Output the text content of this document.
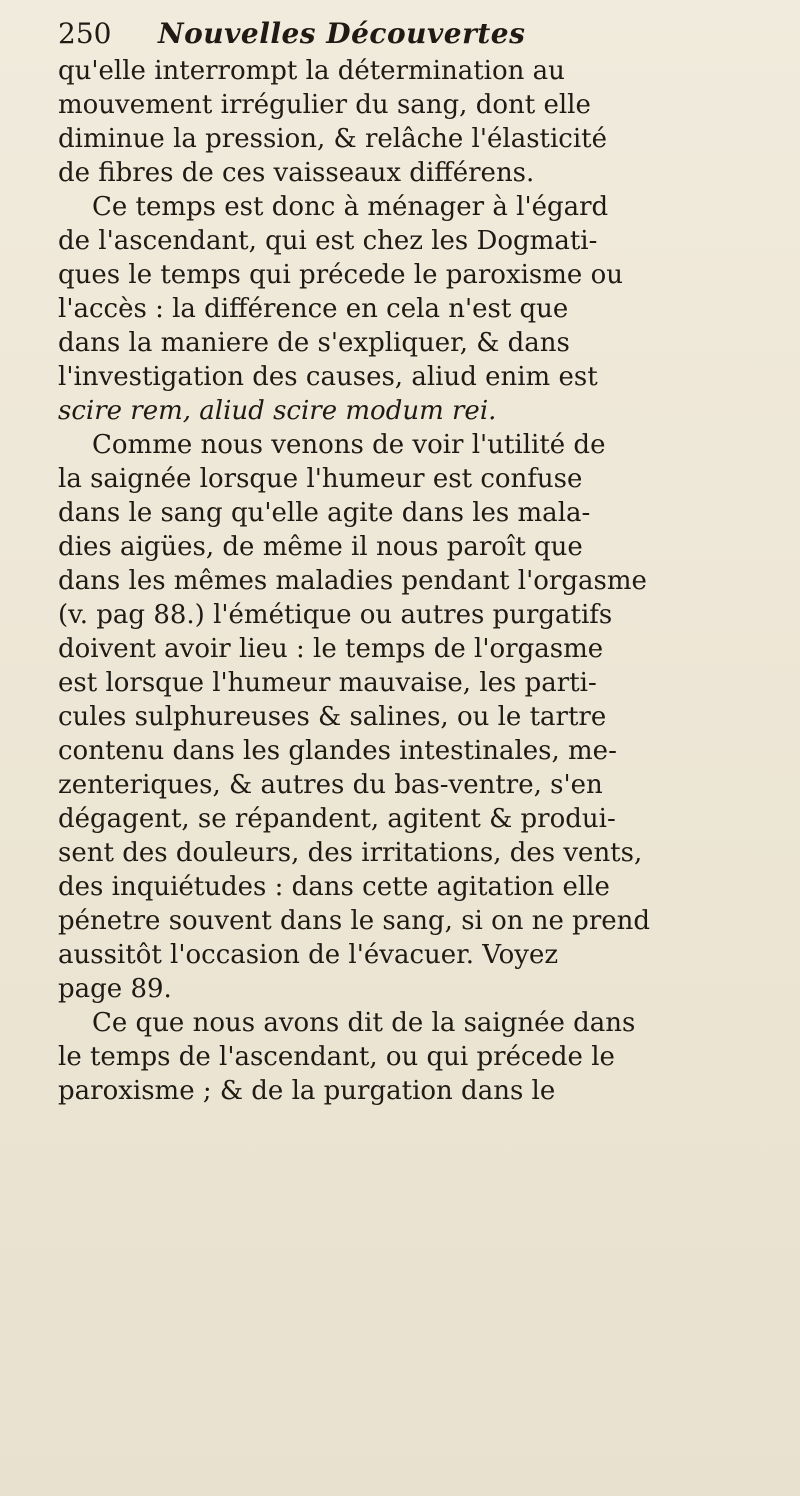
250 Nouvelles Découvertes
qu'elle interrompt la détermination au
mouvement irrégulier du sang, dont elle
diminue la pression, & relâche l'élasticité
de fibres de ces vaisseaux différens.
Ce temps est donc à ménager à l'égard
de l'ascendant, qui est chez les Dogmati-
ques le temps qui précede le paroxisme ou
l'accès : la différence en cela n'est que
dans la maniere de s'expliquer, & dans
l'investigation des causes, aliud enim est
scire rem, aliud scire modum rei.
Comme nous venons de voir l'utilité de
la saignée lorsque l'humeur est confuse
dans le sang qu'elle agite dans les mala-
dies aigües, de même il nous paroît que
dans les mêmes maladies pendant l'orgasme
(v. pag 88.) l'émétique ou autres purgatifs
doivent avoir lieu : le temps de l'orgasme
est lorsque l'humeur mauvaise, les parti-
cules sulphureuses & salines, ou le tartre
contenu dans les glandes intestinales, me-
zenteriques, & autres du bas-ventre, s'en
dégagent, se répandent, agitent & produi-
sent des douleurs, des irritations, des vents,
des inquiétudes : dans cette agitation elle
pénetre souvent dans le sang, si on ne prend
aussitôt l'occasion de l'évacuer. Voyez
page 89.
Ce que nous avons dit de la saignée dans
le temps de l'ascendant, ou qui précede le
paroxisme ; & de la purgation dans le
